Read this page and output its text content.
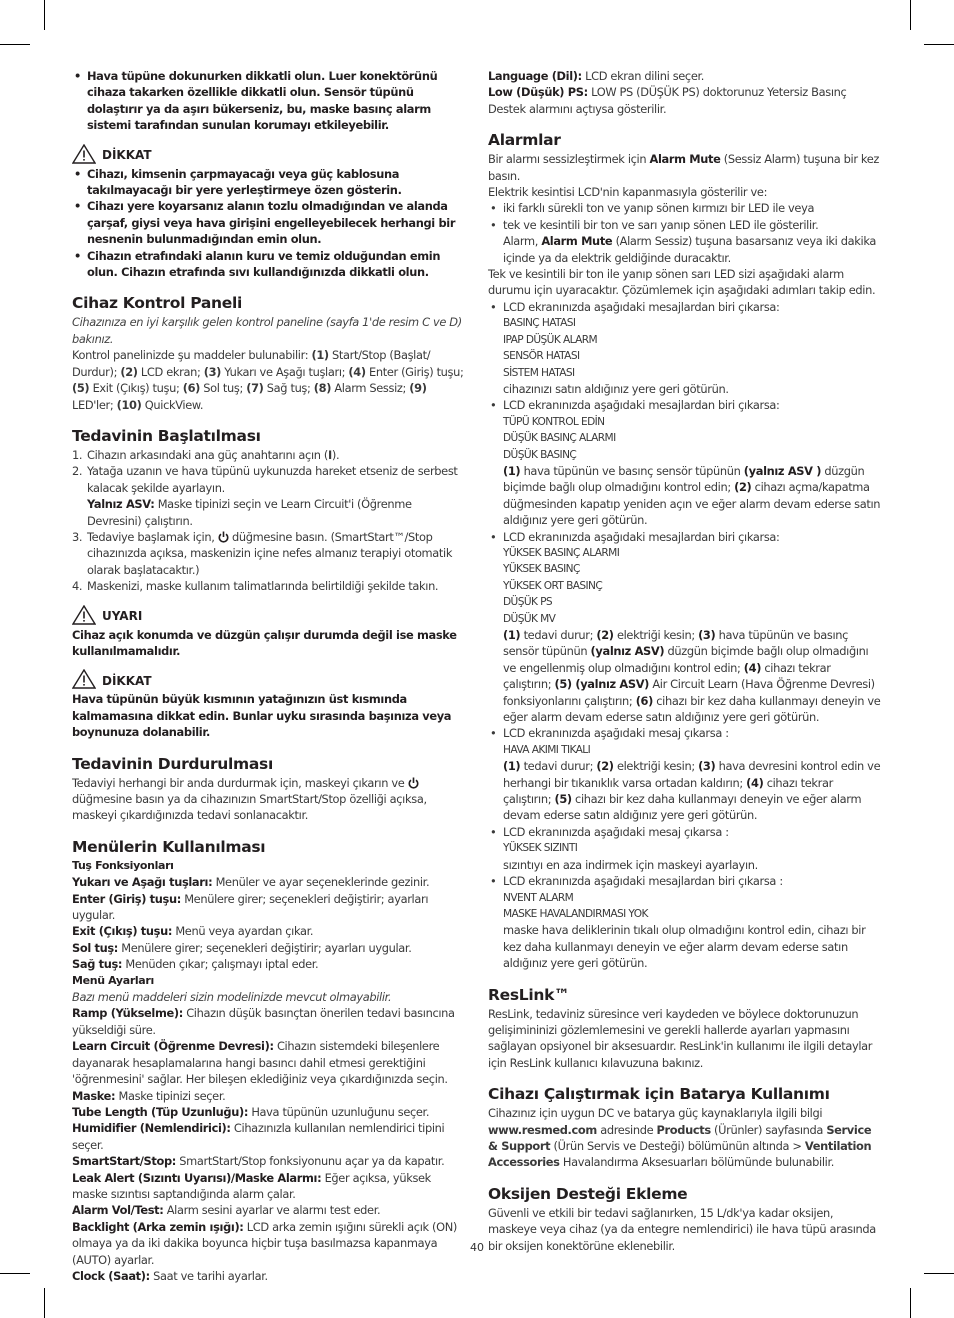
• Hava tüpüne dokunurken dikkatli olun. Luer konektörünü cihaza takarken özellikle dikkatli olun. Sensör tüpünü dolaştırır ya da aşırı bükerseniz, bu, maske basınç alarm sistemi tarafından sunulan korumayı etkileyebilir.
DİKKAT
• Cihazı, kimsenin çarpmayacağı veya güç kablosuna takılmayacağı bir yere yerleştirmeye özen gösterin.
• Cihazı yere koyarsanız alanın tozlu olmadığından ve alanda çarşaf, giysi veya hava girişini engelleyebilecek herhangi bir nesnenin bulunmadığından emin olun.
• Cihazın etrafındaki alanın kuru ve temiz olduğundan emin olun. Cihazın etrafında sıvı kullandığınızda dikkatli olun.
Cihaz Kontrol Paneli
Cihazınıza en iyi karşılık gelen kontrol paneline (sayfa 1'de resim C ve D) bakınız.
Kontrol panelinizde şu maddeler bulunabilir: (1) Start/Stop (Başlat/ Durdur); (2) LCD ekran; (3) Yukarı ve Aşağı tuşları; (4) Enter (Giriş) tuşu; (5) Exit (Çıkış) tuşu; (6) Sol tuş; (7) Sağ tuş; (8) Alarm Sessiz; (9) LED'ler; (10) QuickView.
Tedavinin Başlatılması
1. Cihazın arkasındaki ana güç anahtarını açın (I).
2. Yatağa uzanın ve hava tüpünü uykunuzda hareket etseniz de serbest kalacak şekilde ayarlayın.
Yalnız ASV: Maske tipinizi seçin ve Learn Circuit'i (Öğrenme Devresini) çalıştırın.
3. Tedaviye başlamak için,  düğmesine basın. (SmartStart™/Stop cihazınızda açıksa, maskenizin içine nefes almanız terapiyi otomatik olarak başlatacaktır.)
4. Maskenizi, maske kullanım talimatlarında belirtildiği şekilde takın.
UYARI
Cihaz açık konumda ve düzgün çalışır durumda değil ise maske kullanılmamalıdır.
DİKKAT
Hava tüpünün büyük kısmının yatağınızın üst kısmında kalmamasına dikkat edin. Bunlar uyku sırasında başınıza veya boynunuza dolanabilir.
Tedavinin Durdurulması
Tedaviyi herhangi bir anda durdurmak için, maskeyi çıkarın ve  düğmesine basın ya da cihazınızın SmartStart/Stop özelliği açıksa, maskeyi çıkardığınızda tedavi sonlanacaktır.
Menülerin Kullanılması
Tuş Fonksiyonları
Yukarı ve Aşağı tuşları: Menüler ve ayar seçeneklerinde gezinir.
Enter (Giriş) tuşu: Menülere girer; seçenekleri değiştirir; ayarları uygular.
Exit (Çıkış) tuşu: Menü veya ayardan çıkar.
Sol tuş: Menülere girer; seçenekleri değiştirir; ayarları uygular.
Sağ tuş: Menüden çıkar; çalışmayı iptal eder.
Menü Ayarları
Bazı menü maddeleri sizin modelinizde mevcut olmayabilir.
Ramp (Yükselme): Cihazın düşük basınçtan önerilen tedavi basıncına yükseldiği süre.
Learn Circuit (Öğrenme Devresi): Cihazın sistemdeki bileşenlere dayanarak hesaplamalarına hangi basıncı dahil etmesi gerektiğini 'öğrenmesini' sağlar. Her bileşen eklediğiniz veya çıkardığınızda seçin.
Maske: Maske tipinizi seçer.
Tube Length (Tüp Uzunluğu): Hava tüpünün uzunluğunu seçer.
Humidifier (Nemlendirici): Cihazınızla kullanılan nemlendirici tipini seçer.
SmartStart/Stop: SmartStart/Stop fonksiyonunu açar ya da kapatır.
Leak Alert (Sızıntı Uyarısı)/Maske Alarmı: Eğer açıksa, yüksek maske sızıntısı saptandığında alarm çalar.
Alarm Vol/Test: Alarm sesini ayarlar ve alarmı test eder.
Backlight (Arka zemin ışığı): LCD arka zemin ışığını sürekli açık (ON) olmaya ya da iki dakika boyunca hiçbir tuşa basılmazsa kapanmaya (AUTO) ayarlar.
Clock (Saat): Saat ve tarihi ayarlar.
Language (Dil): LCD ekran dilini seçer.
Low (Düşük) PS: LOW PS (DÜŞÜK PS) doktorunuz Yetersiz Basınç Destek alarmını açtıysa gösterilir.
Alarmlar
Bir alarmı sessizleştirmek için Alarm Mute (Sessiz Alarm) tuşuna bir kez basın.
Elektrik kesintisi LCD'nin kapanmasıyla gösterilir ve:
• iki farklı sürekli ton ve yanıp sönen kırmızı bir LED ile veya
• tek ve kesintili bir ton ve sarı yanıp sönen LED ile gösterilir.
Alarm, Alarm Mute (Alarm Sessiz) tuşuna basarsanız veya iki dakika içinde ya da elektrik geldiğinde duracaktır.
Tek ve kesintili bir ton ile yanıp sönen sarı LED sizi aşağıdaki alarm durumu için uyaracaktır. Çözümlemek için aşağıdaki adımları takip edin.
• LCD ekranınızda aşağıdaki mesajlardan biri çıkarsa:
BASINÇ HATASI
IPAP DÜŞÜK ALARM
SENSÖR HATASI
SİSTEM HATASI
cihazınızı satın aldığınız yere geri götürün.
• LCD ekranınızda aşağıdaki mesajlardan biri çıkarsa:
TÜPÜ KONTROL EDİN
DÜŞÜK BASINÇ ALARMI
DÜŞÜK BASINÇ
(1) hava tüpünün ve basınç sensör tüpünün (yalnız ASV ) düzgün biçimde bağlı olup olmadığını kontrol edin; (2) cihazı açma/kapatma düğmesinden kapatıp yeniden açın ve eğer alarm devam ederse satın aldığınız yere geri götürün.
• LCD ekranınızda aşağıdaki mesajlardan biri çıkarsa:
YÜKSEK BASINÇ ALARMI
YÜKSEK BASINÇ
YÜKSEK ORT BASINÇ
DÜŞÜK PS
DÜŞÜK MV
(1) tedavi durur; (2) elektriği kesin; (3) hava tüpünün ve basınç sensör tüpünün (yalnız ASV) düzgün biçimde bağlı olup olmadığını ve engellenmiş olup olmadığını kontrol edin; (4) cihazı tekrar çalıştırın; (5) (yalnız ASV) Air Circuit Learn (Hava Öğrenme Devresi) fonksiyonlarını çalıştırın; (6) cihazı bir kez daha kullanmayı deneyin ve eğer alarm devam ederse satın aldığınız yere geri götürün.
• LCD ekranınızda aşağıdaki mesaj çıkarsa :
HAVA AKIMI TIKALI
(1) tedavi durur; (2) elektriği kesin; (3) hava devresini kontrol edin ve herhangi bir tıkanıklık varsa ortadan kaldırın; (4) cihazı tekrar çalıştırın; (5) cihazı bir kez daha kullanmayı deneyin ve eğer alarm devam ederse satın aldığınız yere geri götürün.
• LCD ekranınızda aşağıdaki mesaj çıkarsa :
YÜKSEK SIZINTI
sızıntıyı en aza indirmek için maskeyi ayarlayın.
• LCD ekranınızda aşağıdaki mesajlardan biri çıkarsa :
NVENT ALARM
MASKE HAVALANDIRMASI YOK
maske hava deliklerinin tıkalı olup olmadığını kontrol edin, cihazı bir kez daha kullanmayı deneyin ve eğer alarm devam ederse satın aldığınız yere geri götürün.
ResLink™
ResLink, tedaviniz süresince veri kaydeden ve böylece doktorunuzun gelişimininizi gözlemlemesini ve gerekli hallerde ayarları yapmasını sağlayan opsiyonel bir aksesuardır. ResLink'in kullanımı ile ilgili detaylar için ResLink kullanıcı kılavuzuna bakınız.
Cihazı Çalıştırmak için Batarya Kullanımı
Cihazınız için uygun DC ve batarya güç kaynaklarıyla ilgili bilgi www.resmed.com adresinde Products (Ürünler) sayfasında Service & Support (Ürün Servis ve Desteği) bölümünün altında > Ventilation Accessories Havalandırma Aksesuarları bölümünde bulunabilir.
Oksijen Desteği Ekleme
Güvenli ve etkili bir tedavi sağlanırken, 15 L/dk'ya kadar oksijen, maskeye veya cihaz (ya da entegre nemlendirici) ile hava tüpü arasında bir oksijen konektörüne eklenebilir.
40
